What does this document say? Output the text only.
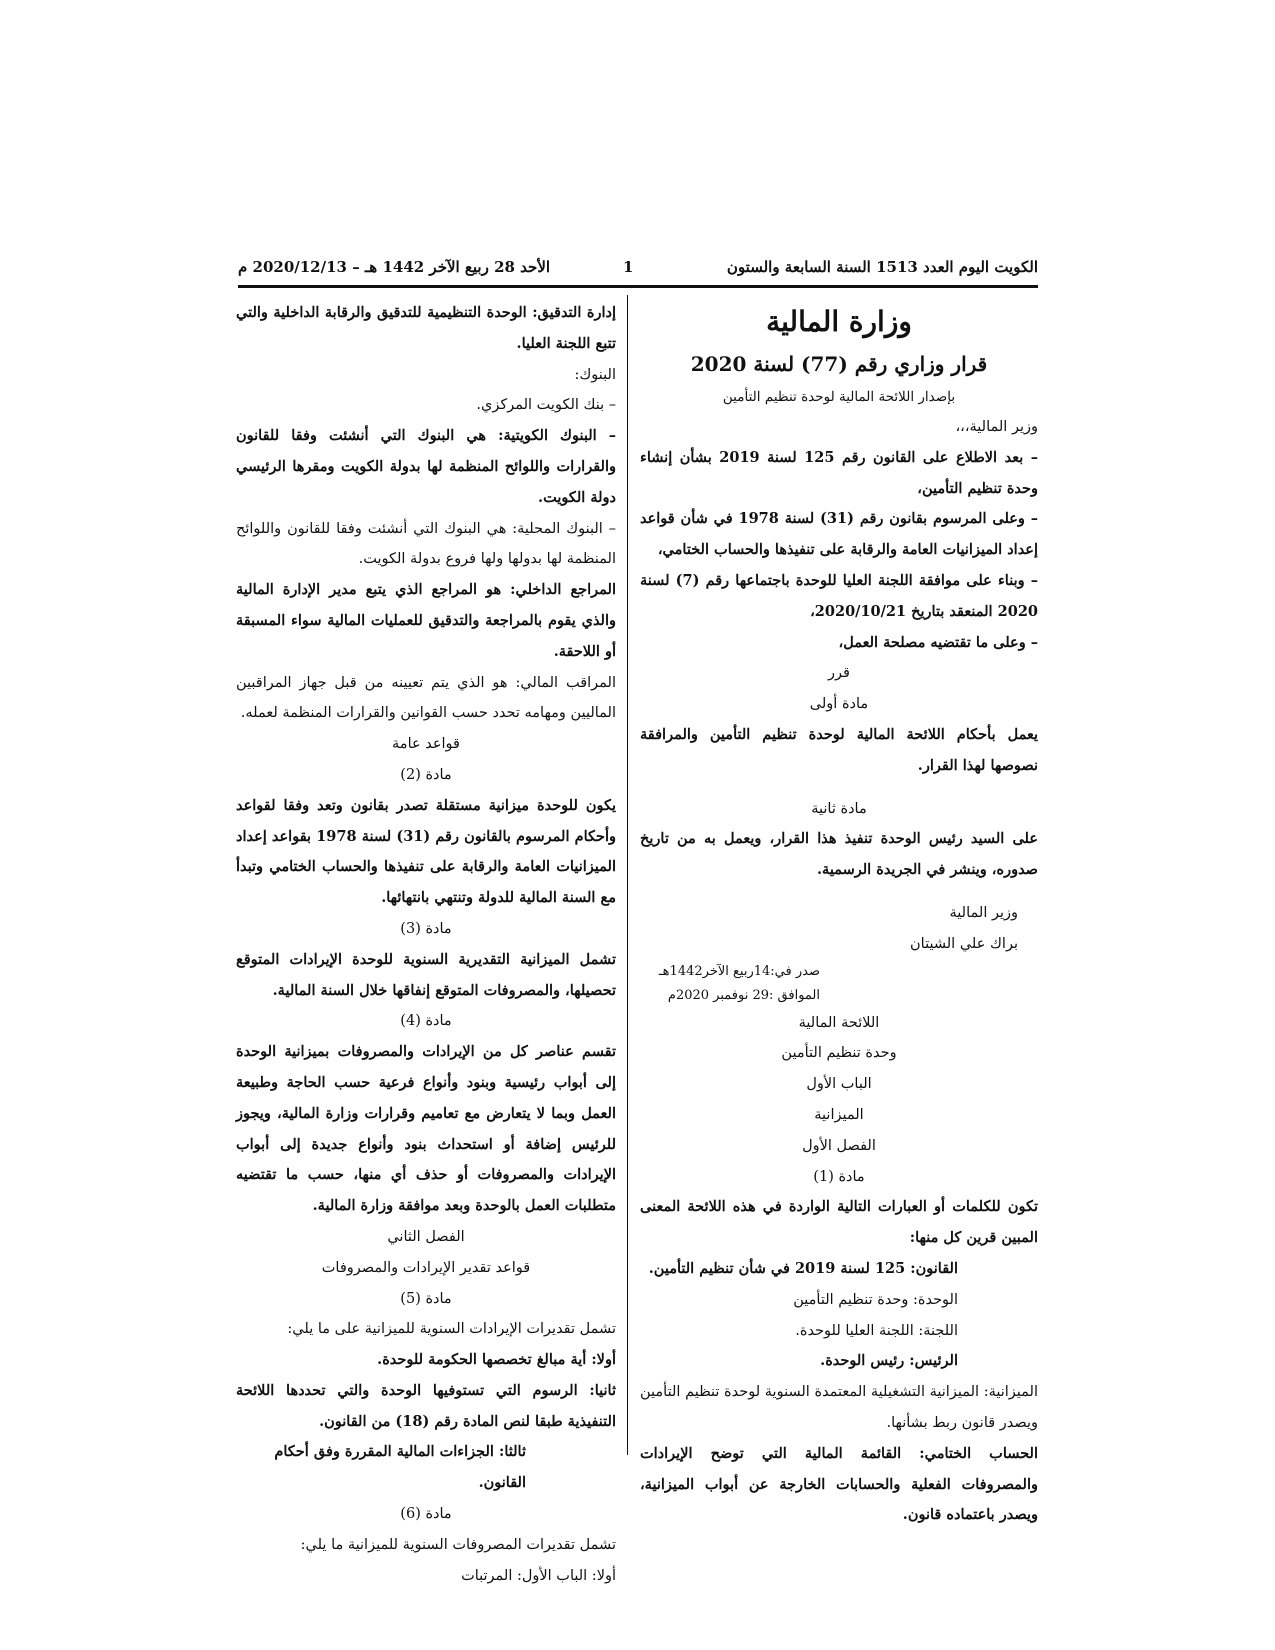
الكويت اليوم العدد 1513 السنة السابعة والستون
1
الأحد 28 ربيع الآخر 1442 هـ – 2020/12/13 م

وزارة المالية

قرار وزاري رقم (77) لسنة 2020

بإصدار اللائحة المالية لوحدة تنظيم التأمين

وزير المالية،،،

– بعد الاطلاع على القانون رقم 125 لسنة 2019 بشأن إنشاء وحدة تنظيم التأمين،

– وعلى المرسوم بقانون رقم (31) لسنة 1978 في شأن قواعد إعداد الميزانيات العامة والرقابة على تنفيذها والحساب الختامي،

– وبناء على موافقة اللجنة العليا للوحدة باجتماعها رقم (7) لسنة 2020 المنعقد بتاريخ 2020/10/21،

– وعلى ما تقتضيه مصلحة العمل،

قرر

مادة أولى

يعمل بأحكام اللائحة المالية لوحدة تنظيم التأمين والمرافقة نصوصها لهذا القرار.

مادة ثانية

على السيد رئيس الوحدة تنفيذ هذا القرار، ويعمل به من تاريخ صدوره، وينشر في الجريدة الرسمية.

وزير المالية

براك علي الشيتان

صدر في:14ربيع الآخر1442هـ

الموافق :29 نوفمبر 2020م

اللائحة المالية

وحدة تنظيم التأمين

الباب الأول

الميزانية

الفصل الأول

مادة (1)

تكون للكلمات أو العبارات التالية الواردة في هذه اللائحة المعنى المبين قرين كل منها:

القانون: 125 لسنة 2019 في شأن تنظيم التأمين.

الوحدة: وحدة تنظيم التأمين

اللجنة: اللجنة العليا للوحدة.

الرئيس: رئيس الوحدة.

الميزانية: الميزانية التشغيلية المعتمدة السنوية لوحدة تنظيم التأمين ويصدر قانون ربط بشأنها.

الحساب الختامي: القائمة المالية التي توضح الإيرادات والمصروفات الفعلية والحسابات الخارجة عن أبواب الميزانية، ويصدر باعتماده قانون.

إدارة التدقيق: الوحدة التنظيمية للتدقيق والرقابة الداخلية والتي تتبع اللجنة العليا.

البنوك:

– بنك الكويت المركزي.

– البنوك الكويتية: هي البنوك التي أنشئت وفقا للقانون والقرارات واللوائح المنظمة لها بدولة الكويت ومقرها الرئيسي دولة الكويت.

– البنوك المحلية: هي البنوك التي أنشئت وفقا للقانون واللوائح المنظمة لها بدولها ولها فروع بدولة الكويت.

المراجع الداخلي: هو المراجع الذي يتبع مدير الإدارة المالية والذي يقوم بالمراجعة والتدقيق للعمليات المالية سواء المسبقة أو اللاحقة.

المراقب المالي: هو الذي يتم تعيينه من قبل جهاز المراقبين الماليين ومهامه تحدد حسب القوانين والقرارات المنظمة لعمله.

قواعد عامة

مادة (2)

يكون للوحدة ميزانية مستقلة تصدر بقانون وتعد وفقا لقواعد وأحكام المرسوم بالقانون رقم (31) لسنة 1978 بقواعد إعداد الميزانيات العامة والرقابة على تنفيذها والحساب الختامي وتبدأ مع السنة المالية للدولة وتنتهي بانتهائها.

مادة (3)

تشمل الميزانية التقديرية السنوية للوحدة الإيرادات المتوقع تحصيلها، والمصروفات المتوقع إنفاقها خلال السنة المالية.

مادة (4)

تقسم عناصر كل من الإيرادات والمصروفات بميزانية الوحدة إلى أبواب رئيسية وبنود وأنواع فرعية حسب الحاجة وطبيعة العمل وبما لا يتعارض مع تعاميم وقرارات وزارة المالية، ويجوز للرئيس إضافة أو استحداث بنود وأنواع جديدة إلى أبواب الإيرادات والمصروفات أو حذف أي منها، حسب ما تقتضيه متطلبات العمل بالوحدة وبعد موافقة وزارة المالية.

الفصل الثاني

قواعد تقدير الإيرادات والمصروفات

مادة (5)

تشمل تقديرات الإيرادات السنوية للميزانية على ما يلي:

أولا: أية مبالغ تخصصها الحكومة للوحدة.

ثانيا: الرسوم التي تستوفيها الوحدة والتي تحددها اللائحة التنفيذية طبقا لنص المادة رقم (18) من القانون.

ثالثا: الجزاءات المالية المقررة وفق أحكام القانون.

مادة (6)

تشمل تقديرات المصروفات السنوية للميزانية ما يلي:

أولا: الباب الأول: المرتبات
